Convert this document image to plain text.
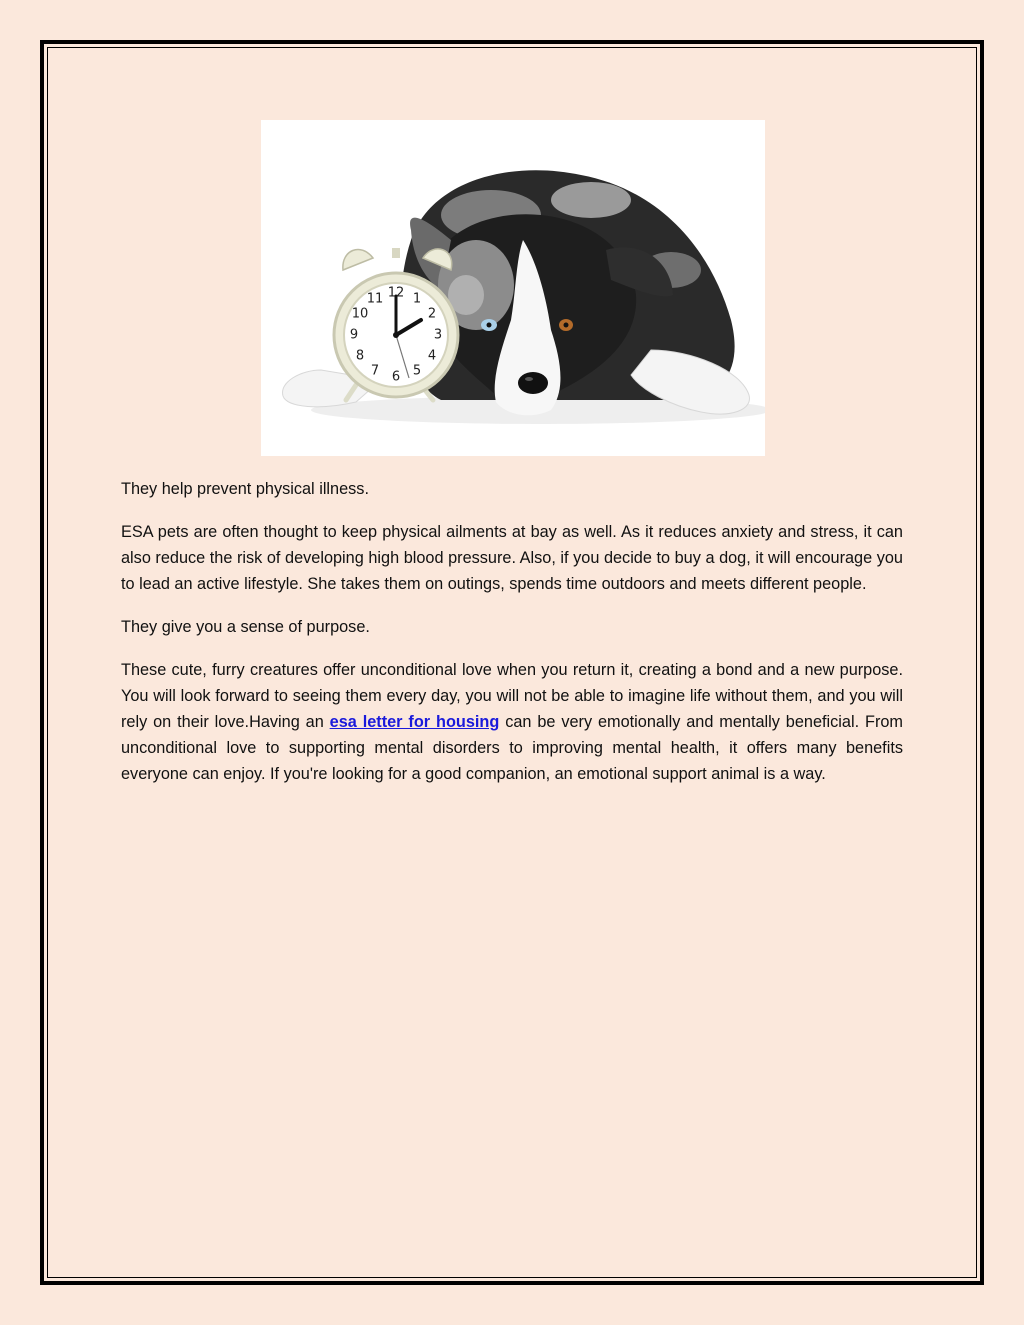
12 1
2
3
4
5
6
7
8
9
10
11

They help prevent physical illness.

ESA pets are often thought to keep physical ailments at bay as well. As it reduces anxiety and stress, it can also reduce the risk of developing high blood pressure. Also, if you decide to buy a dog, it will encourage you to lead an active lifestyle. She takes them on outings, spends time outdoors and meets different people.

They give you a sense of purpose.

These cute, furry creatures offer unconditional love when you return it, creating a bond and a new purpose. You will look forward to seeing them every day, you will not be able to imagine life without them, and you will rely on their love.Having an esa letter for housing can be very emotionally and mentally beneficial. From unconditional love to supporting mental disorders to improving mental health, it offers many benefits everyone can enjoy. If you're looking for a good companion, an emotional support animal is a way.
